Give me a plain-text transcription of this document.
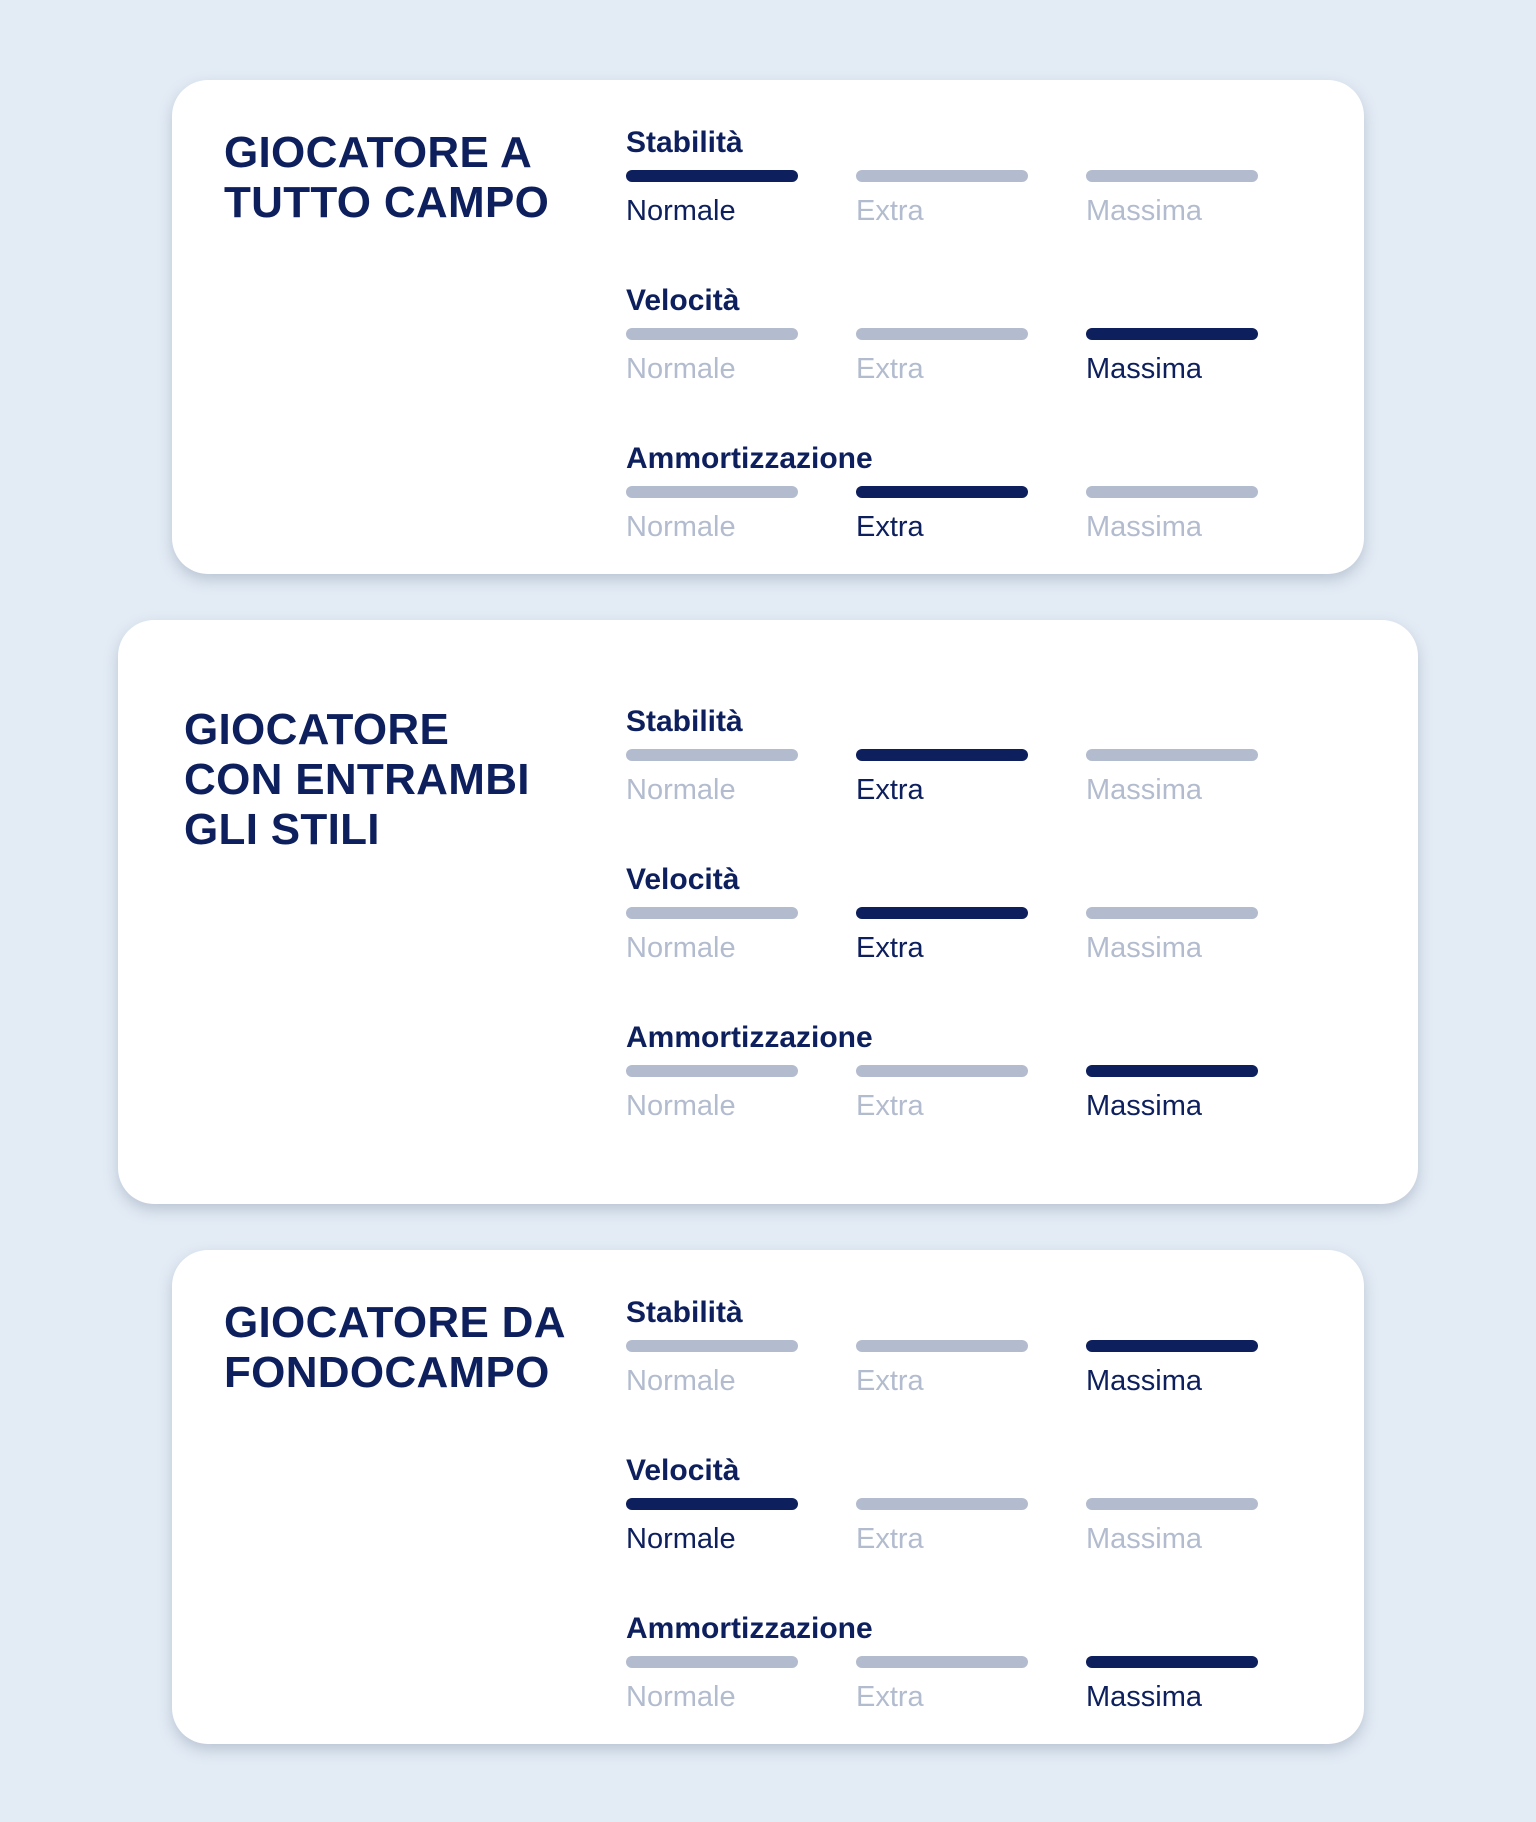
GIOCATORE A
TUTTO CAMPO
Stabilità
Normale	Extra	Massima
Velocità
Normale	Extra	Massima
Ammortizzazione
Normale	Extra	Massima
GIOCATORE
CON ENTRAMBI
GLI STILI
Stabilità
Normale	Extra	Massima
Velocità
Normale	Extra	Massima
Ammortizzazione
Normale	Extra	Massima
GIOCATORE DA
FONDOCAMPO
Stabilità
Normale	Extra	Massima
Velocità
Normale	Extra	Massima
Ammortizzazione
Normale	Extra	Massima
